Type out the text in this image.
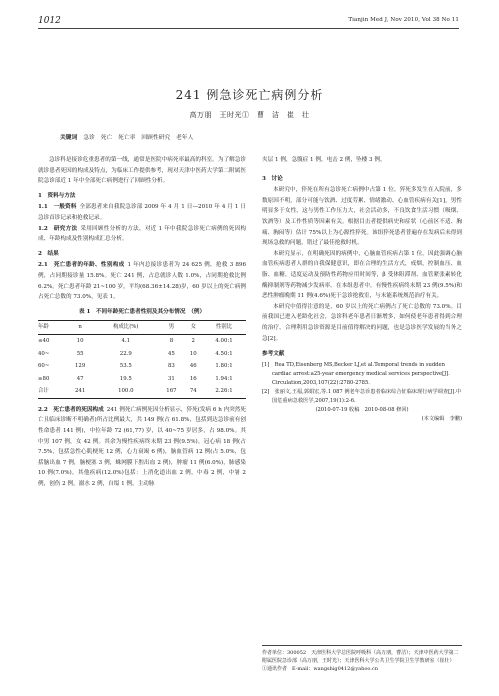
1012	Tianjin Med J, Nov 2010, Vol 38 No 11
241 例急诊死亡病例分析
高万朋　王时光①　曹　洁　崔　壮
关键词 急诊　死亡　死亡率　回顾性研究　老年人

急诊科是接诊危重患者的第一线，通常是医院中病死率最高的科室。为了解急诊就诊患者死因的构成及特点，为临床工作提供参考，现对天津中医药大学第二附属医院急诊部近 1 年中全部死亡病例进行了回顾性分析。

1　资料与方法

1.1　一般资料 全部患者来自我院急诊部 2009 年 4 月 1 日—2010 年 4 月 1 日急诊首诊记录和抢救记录。

1.2　研究方法 采用回顾性分析的方法，对近 1 年中我院急诊死亡病例的死因构成、年龄构成及性别构成汇总分析。

2　结果

2.1　死亡患者的年龄、性别构成 1 年内总接诊患者为 24 625 例，抢救 3 896 例，占同期接诊量 15.8%。死亡 241 例，占总就诊人数 1.0%，占同期抢救比例 6.2%。死亡患者年龄 21~100 岁，平均(68.36±14.28)岁，60 岁以上的死亡病例占死亡总数的 73.0%，见表 1。

表 1　不同年龄死亡患者性别及其分布情况　（例）
年龄	n	构成比(%)	男	女	性别比
≤40	10	4.1	8	2	4.00:1
40~	55	22.9	45	10	4.50:1
60~	129	53.5	83	46	1.80:1
≥80	47	19.5	31	16	1.94:1
合计	241	100.0	167	74	2.26:1

2.2　死亡患者的死因构成 241 例死亡病例死因分析显示，猝死(发病 6 h 内突然死亡且临床诊断不明确者)所占比例最大，共 149 例(占 61.8%，包括到达急诊前有创性命患者 141 例)，中位年龄 72 (61,77) 岁，以 40~75 岁居多，占 98.0%。其中男 107 例，女 42 例。其余为慢性疾病终末期 23 例(9.5%)，冠心病 18 例(占 7.5%，包括急性心肌梗死 12 例，心力衰竭 6 例)，脑血管病 12 例(占 5.0%，包括脑出血 7 例，脑梗塞 3 例，蛛网膜下腔出血 2 例)，肿瘤 11 例(6.0%)，肺感染 10 例(7.0%)，其他疾病(12.0%)包括：上消化道出血 2 例，中毒 2 例，中暑 2 例，创伤 2 例，溺水 2 例，自缢 1 例，主动脉

夹层 1 例，急腹症 1 例，电击 2 例，坠楼 3 例。

3　讨论

本研究中，猝死在所有急诊死亡病例中占第 1 位。猝死多发生在入院前，多数原因不明，部分可能与饮酒、过度劳累、情绪激动、心血管疾病有关[1]，男性明显多于女性，这与男性工作压力大，社会活动多，不良饮食生活习惯（吸烟、饮酒等）及工作性质等因素有关。根据目击者提供病史和症状（心前区不适、胸痛、胸闷等）估计 75%以上为心源性猝死。该组猝死患者普遍存在发病后未得到现场急救的问题，错过了最佳抢救时机。

本研究显示，在明确死因的病例中，心脑血管疾病占第 1 位。因此强调心脑血管疾病患者人群的自我保健意识，即在合理的生活方式，戒烟，控制血压、血脂、血糖，适度运动及预防性药物应用时间等，β 受体阻滞剂、血管紧张素转化酶抑制剂等药物减少发病率。在本组患者中，有慢性疾病终末期 23 例(9.5%)和恶性肿瘤晚期 11 例(4.6%)死于急诊抢救室，与未能系统规范治疗有关。

本研究中值得注意的是，60 岁以上的死亡病例占了死亡总数的 73.0%。目前我国已进入老龄化社会，急诊科老年患者日渐增多，如何使老年患者得到合理的治疗，合理利用急诊资源是目前值得解决的问题，也是急诊医学发展的当务之急[2]。

参考文献
[1]　Rea TD,Eisenberg MS,Becker LJ,et al.Temporal trends in sudden cardiac arrest:a25-year emergency medical services perspective[J]. Circulation,2003,107(22):2780-2785.
[2]　张丽文,王福,郭娟宏,等.1 087 例老年急诊患者临床综合征临床现行病学调查[J].中国危重病急救医学,2007,19(1):2-6.
(2010-07-19 收稿　2010-08-08 修回)
(本文编辑　李鹏)
作者单位：300052　天津医科大学总医院呼吸科（高万朋，曹洁）；天津中医药大学第二附属医院急诊部（高万朋，王时光）；天津医科大学公共卫生学院卫生学教研室（崔壮）
①通讯作者　E-mail：wangshig0412@yahoo.cn
